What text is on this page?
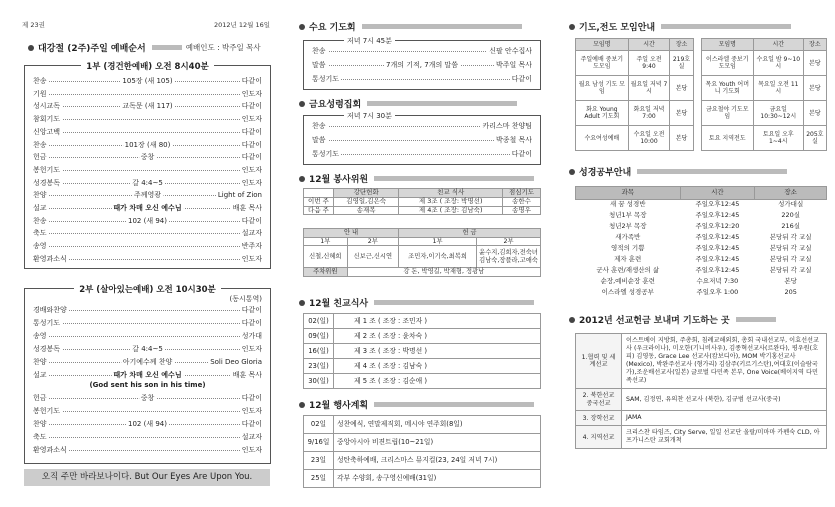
제 23권	2012년 12월 16일
대강절 (2주)주일 예배순서	예배인도 : 박주일 목사
1부 (경건한예배) 오전 8시40분
찬송	105장 (새 105)	다같이
기원	인도자
성시교독	교독문 (새 117)	다같이
참회기도	인도자
신앙고백	다같이
찬송	101장 (새 80)	다같이
헌금	중창	다같이
봉헌기도	인도자
성경봉독	갈 4:4~5	인도자
찬양	주께영광	Light of Zion
설교	때가 차매 오신 예수님	배훈 목사
찬송	102 (새 94)	다같이
축도	설교자
송영	반주자
환영과소식	인도자
2부 (살아있는예배) 오전 10시30분
(동시통역)
경배와찬양	다같이
통성기도	다같이
송영	성가대
성경봉독	갈 4:4~5	인도자
찬양	아기예수께 찬양	Soli Deo Gloria
설교	때가 차매 오신 예수님	배훈 목사
(God sent his son in his time)
헌금	중창	다같이
봉헌기도	인도자
찬양	102 (새 94)	다같이
축도	설교자
환영과소식	인도자
오직 주만 바라보나이다. But Our Eyes Are Upon You.
수요 기도회
저녁 7시 45분
찬송	신팔 안수집사
말씀	7개의 기적, 7개의 말씀	박주일 목사
통성기도	다같이
금요성령집회
저녁 7시 30분
찬송	카리스마 찬양팀
말씀	박종철 목사
통성기도	다같이
12월 봉사위원
	강단헌화	친교 식사	점심기도
이번 주	김영일,김은숙	제 3조 ( 조장: 박명선)	송한수
다음 주	송재복	제 4조 ( 조장: 김남숙)	송명우
안 내		헌 금	
1부	2부	1부	2부
신철,신혜희	신보근,신시연	조민자,이기숙,최복희	윤수지,김희자,전숙녀 김남숙,장플라,고애숙
주차위원	강 돈, 박영길, 박재형, 정광남		
12월 친교식사
02(일)	제 1 조 ( 조장 : 조민자 )
09(일)	제 2 조 ( 조장 : 윤차숙 )
16(일)	제 3 조 ( 조장 : 박명선 )
23(일)	제 4 조 ( 조장 : 김남숙 )
30(일)	제 5 조 ( 조장 : 김순애 )
12월 행사계획
02일	성찬예식, 연말제직회, 메시야 연주회(8일)
9/16일	중앙아시아 비젼트립(10~21일)
23일	성탄축하예배, 크리스마스 뮤지컬(23, 24일 저녁 7시)
25일	각부 수양회, 송구영신예배(31일)
기도,전도 모임안내
모임명	시간	장소		모임명	시간	장소
주일예배 중보기도모임	주일 오전 9:40	219호실		이스라엘 중보기도모임	수요일 밤 9~10시	본당
월요 남성 기도 모임	월요일 저녁 7시	본당		목요 Youth 어머니 기도회	목요일 오전 11시	본당
화요 Young Adult 기도회	화요일 저녁7:00	본당		금요철야 기도모임	금요일 10:30~12시	본당
수요여성예배	수요일 오전 10:00	본당		토요 지역전도	토요일 오후 1~4시	205호실
성경공부안내
과목	시간	장소
새 꿈 성경반	주일오후12:45	성가대실
청년1부 목장	주일오후12:45	220실
청년2부 목장	주일오후12:20	216실
새가족반	주일오후12:45	본당뒤 각 교실
영적의 기쁨	주일오후12:45	본당뒤 각 교실
제자 훈련	주일오후12:45	본당뒤 각 교실
군사 훈련/재생산의 삶	주일오후12:45	본당뒤 각 교실
순장,예비순장 훈련	수요저녁 7:30	본당
이스라엘 성경공부	주일오후 1:00	205
2012년 선교헌금 보내며 기도하는 곳
1.협력 및 세계선교	이스트베이 지방회, 주총회, 침례교해외회, 총회 국내선교부, 이효선선교사 (우크라이나), 미오한(기니비사우), 김종혁선교사(르완다), 평우원(호피) 김영동, Grace Lee 선교사(캄보디아), MOM 박기홍선교사 (Mexico), 박완주선교사 (형가리) 김삼주(키르기스탄),여대호(이슬람국가),조운배선교사(일본) 글로벌 다민족 본부, One Voice(베이지역 다민족선교)
2. 북한선교 중국선교	SAM, 김정연, 유의찬 선교사 (북한), 김규범 선교사(중국)
3. 장학선교	JAMA
4. 지역선교	크리스찬 타임즈, City Serve, 일일 선교단 올랄/미마마 카펜숙 CLD, 아프가니스탄 교회개척
